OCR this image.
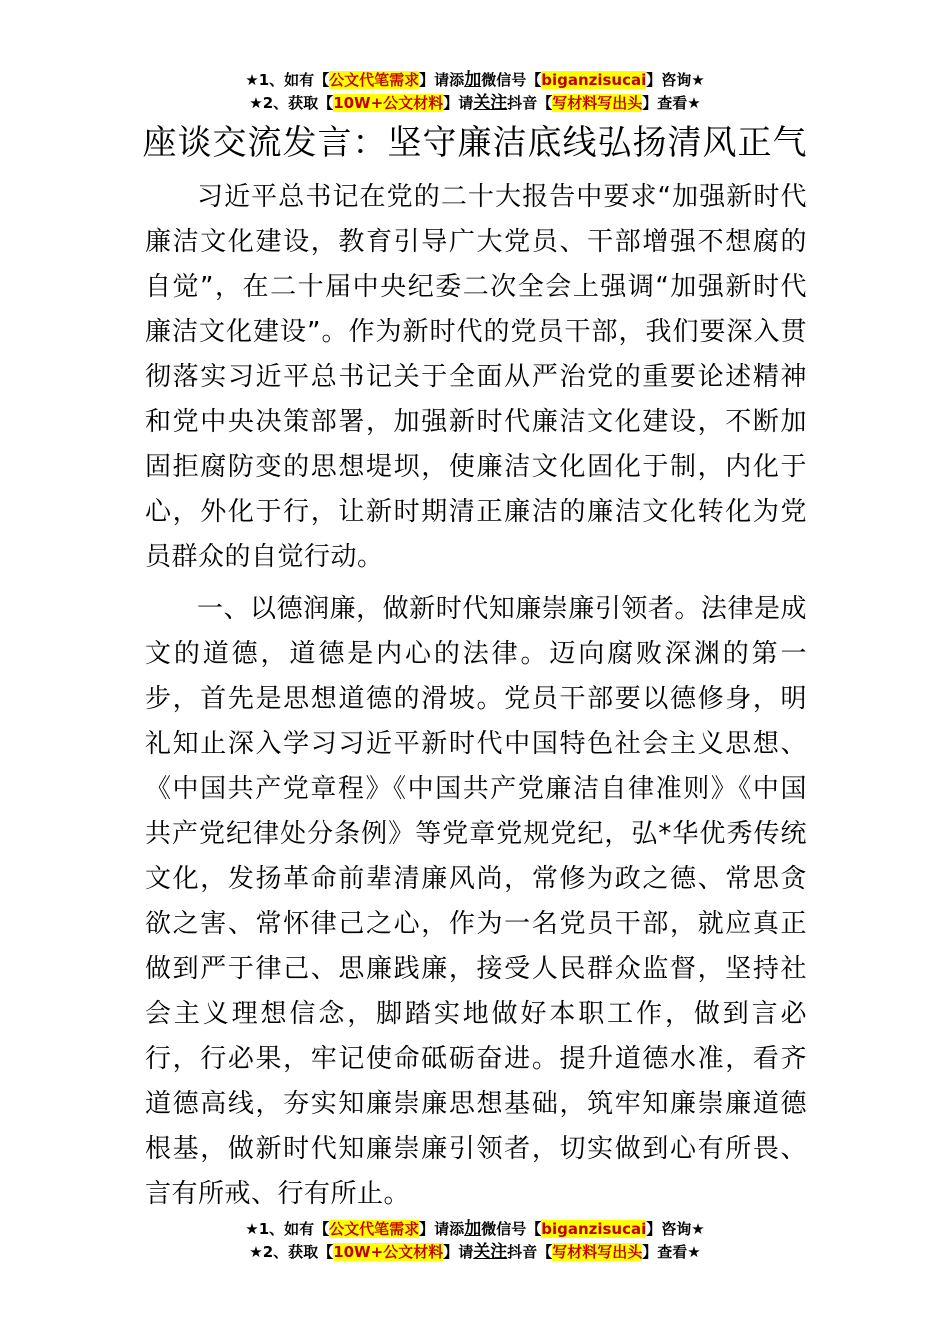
★1、如有【公文代笔需求】请添加微信号【biganzisucai】咨询★
★2、获取【10W+公文材料】请关注抖音【写材料写出头】查看★
座谈交流发言：坚守廉洁底线弘扬清风正气

习近平总书记在党的二十大报告中要求“加强新时代廉洁文化建设，教育引导广大党员、干部增强不想腐的自觉”，在二十届中央纪委二次全会上强调“加强新时代廉洁文化建设”。作为新时代的党员干部，我们要深入贯彻落实习近平总书记关于全面从严治党的重要论述精神和党中央决策部署，加强新时代廉洁文化建设，不断加固拒腐防变的思想堤坝，使廉洁文化固化于制，内化于心，外化于行，让新时期清正廉洁的廉洁文化转化为党员群众的自觉行动。

一、以德润廉，做新时代知廉崇廉引领者。法律是成文的道德，道德是内心的法律。迈向腐败深渊的第一步，首先是思想道德的滑坡。党员干部要以德修身，明礼知止深入学习习近平新时代中国特色社会主义思想、《中国共产党章程》《中国共产党廉洁自律准则》《中国共产党纪律处分条例》等党章党规党纪，弘*华优秀传统文化，发扬革命前辈清廉风尚，常修为政之德、常思贪欲之害、常怀律己之心，作为一名党员干部，就应真正做到严于律己、思廉践廉，接受人民群众监督，坚持社会主义理想信念，脚踏实地做好本职工作，做到言必行，行必果，牢记使命砥砺奋进。提升道德水准，看齐道德高线，夯实知廉崇廉思想基础，筑牢知廉崇廉道德根基，做新时代知廉崇廉引领者，切实做到心有所畏、言有所戒、行有所止。

★1、如有【公文代笔需求】请添加微信号【biganzisucai】咨询★
★2、获取【10W+公文材料】请关注抖音【写材料写出头】查看★
